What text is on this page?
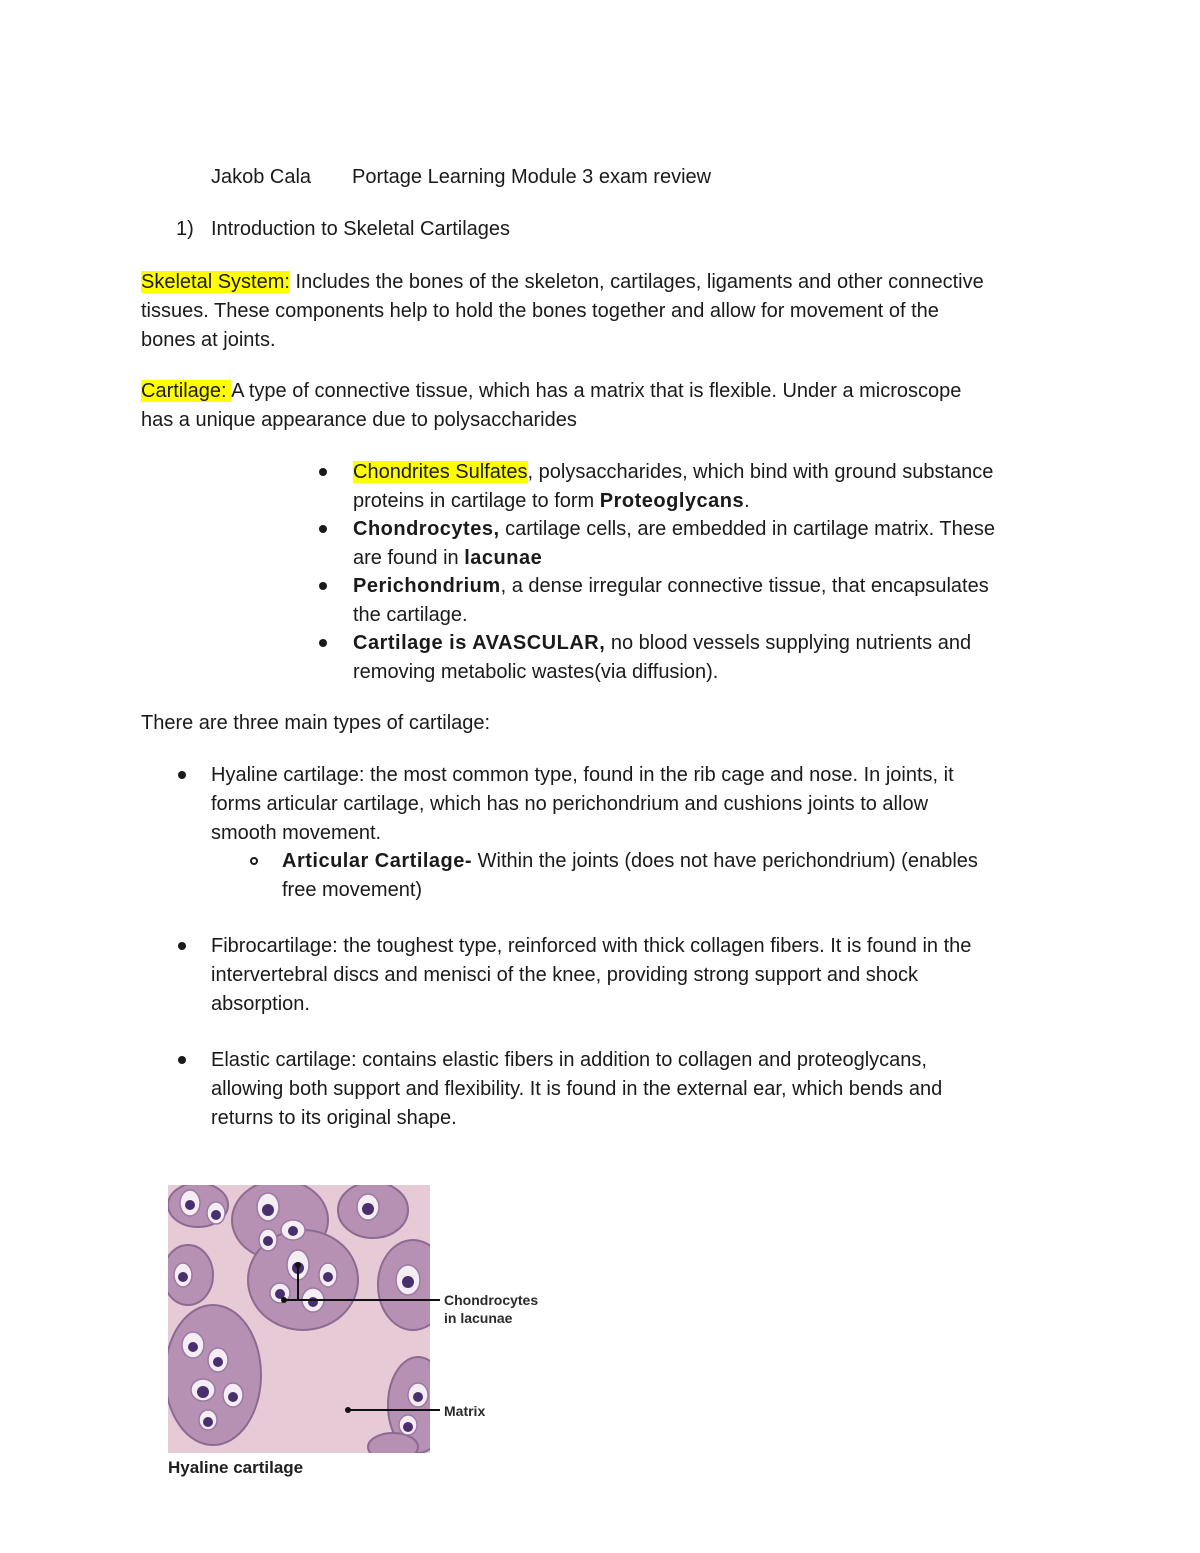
Jakob Cala Portage Learning Module 3 exam review
1) Introduction to Skeletal Cartilages
Skeletal System: Includes the bones of the skeleton, cartilages, ligaments and other connective
tissues. These components help to hold the bones together and allow for movement of the
bones at joints.
Cartilage: A type of connective tissue, which has a matrix that is flexible. Under a microscope
has a unique appearance due to polysaccharides
Chondrites Sulfates, polysaccharides, which bind with ground substance
proteins in cartilage to form Proteoglycans.
Chondrocytes, cartilage cells, are embedded in cartilage matrix. These
are found in lacunae
Perichondrium, a dense irregular connective tissue, that encapsulates
the cartilage.
Cartilage is AVASCULAR, no blood vessels supplying nutrients and
removing metabolic wastes(via diffusion).
There are three main types of cartilage:
Hyaline cartilage: the most common type, found in the rib cage and nose. In joints, it
forms articular cartilage, which has no perichondrium and cushions joints to allow
smooth movement.
Articular Cartilage- Within the joints (does not have perichondrium) (enables
free movement)
Fibrocartilage: the toughest type, reinforced with thick collagen fibers. It is found in the
intervertebral discs and menisci of the knee, providing strong support and shock
absorption.
Elastic cartilage: contains elastic fibers in addition to collagen and proteoglycans,
allowing both support and flexibility. It is found in the external ear, which bends and
returns to its original shape.
Chondrocytes
in lacunae
Matrix
Hyaline cartilage
